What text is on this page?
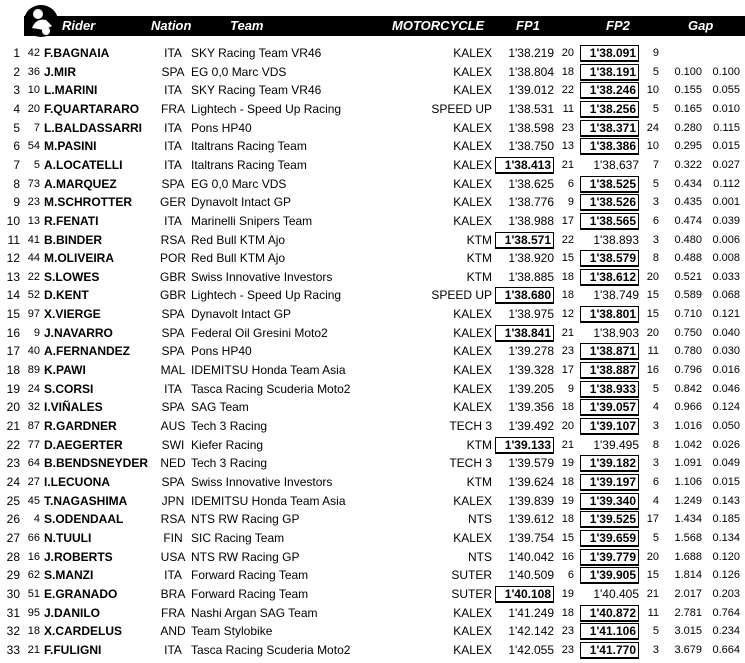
Rider	Nation	Team	MOTORCYCLE FP1	FP2	Gap
1 42 F.BAGNAIA	ITA SKY Racing Team VR46	KALEX	1'38.219 20	1'38.091	9
2 36 J.MIR	SPA EG 0,0 Marc VDS	KALEX	1'38.804 18	1'38.191	5	0.100 0.100
3 10 L.MARINI	ITA SKY Racing Team VR46	KALEX	1'39.012 22	1'38.246 10	0.155 0.055
4 20 F.QUARTARARO FRA Lightech - Speed Up Racing	SPEED UP	1'38.531 11	1'38.256	5	0.165 0.010
5	7 L.BALDASSARRI	ITA Pons HP40	KALEX	1'38.598 23	1'38.371 24	0.280	0.115
6 54 M.PASINI	ITA Italtrans Racing Team	KALEX	1'38.750 13	1'38.386 10	0.295 0.015
7	5 A.LOCATELLI	ITA Italtrans Racing Team	KALEX	1'38.413 21	1'38.637	7	0.322 0.027
8 73 A.MARQUEZ	SPA EG 0,0 Marc VDS	KALEX	1'38.625	6	1'38.525	5	0.434	0.112
9 23 M.SCHROTTER GER Dynavolt Intact GP	KALEX	1'38.776	9	1'38.526	3	0.435 0.001
10 13 R.FENATI	ITA Marinelli Snipers Team	KALEX	1'38.988 17	1'38.565	6	0.474 0.039
11 41 B.BINDER	RSA Red Bull KTM Ajo	KTM	1'38.571 22	1'38.893	3	0.480 0.006
12 44 M.OLIVEIRA	POR Red Bull KTM Ajo	KTM	1'38.920 15	1'38.579	8	0.488 0.008
13 22 S.LOWES	GBR Swiss Innovative Investors	KTM	1'38.885 18	1'38.612 20	0.521 0.033
14 52 D.KENT	GBR Lightech - Speed Up Racing	SPEED UP	1'38.680 18	1'38.749 15	0.589 0.068
15 97 X.VIERGE	SPA Dynavolt Intact GP	KALEX	1'38.975 12	1'38.801 15	0.710 0.121
16	9 J.NAVARRO	SPA Federal Oil Gresini Moto2	KALEX	1'38.841 21	1'38.903 20	0.750 0.040
17 40 A.FERNANDEZ	SPA Pons HP40	KALEX	1'39.278 23	1'38.871	11	0.780 0.030
18 89 K.PAWI	MAL IDEMITSU Honda Team Asia	KALEX	1'39.328 17	1'38.887 16	0.796 0.016
19 24 S.CORSI	ITA Tasca Racing Scuderia Moto2	KALEX	1'39.205	9	1'38.933	5	0.842 0.046
20 32 I.VIÑALES	SPA SAG Team	KALEX	1'39.356 18	1'39.057	4	0.966 0.124
21 87 R.GARDNER	AUS Tech 3 Racing	TECH 3	1'39.492 20	1'39.107	3	1.016 0.050
22 77 D.AEGERTER	SWI Kiefer Racing	KTM	1'39.133 21	1'39.495	8	1.042 0.026
23 64 B.BENDSNEYDER NED Tech 3 Racing	TECH 3	1'39.579 19	1'39.182	3	1.091 0.049
24 27 I.LECUONA	SPA Swiss Innovative Investors	KTM	1'39.624 18	1'39.197	6	1.106 0.015
25 45 T.NAGASHIMA	JPN IDEMITSU Honda Team Asia	KALEX	1'39.839 19	1'39.340	4	1.249 0.143
26	4 S.ODENDAAL	RSA NTS RW Racing GP	NTS	1'39.612 18	1'39.525 17	1.434 0.185
27 66 N.TUULI	FIN SIC Racing Team	KALEX	1'39.754 15	1'39.659	5	1.568 0.134
28 16 J.ROBERTS	USA NTS RW Racing GP	NTS	1'40.042 16	1'39.779 20	1.688 0.120
29 62 S.MANZI	ITA Forward Racing Team	SUTER	1'40.509	6	1'39.905 15	1.814 0.126
30 51 E.GRANADO	BRA Forward Racing Team	SUTER	1'40.108 19	1'40.405 21	2.017 0.203
31 95 J.DANILO	FRA Nashi Argan SAG Team	KALEX	1'41.249 18	1'40.872	11	2.781 0.764
32 18 X.CARDELUS	AND Team Stylobike	KALEX	1'42.142 23	1'41.106	5	3.015 0.234
33 21 F.FULIGNI	ITA Tasca Racing Scuderia Moto2	KALEX	1'42.055 23	1'41.770	3	3.679 0.664
